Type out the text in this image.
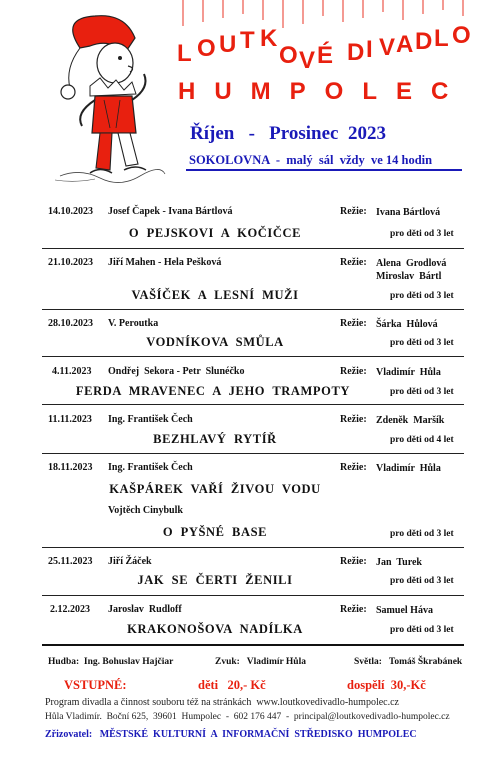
L O U T K
O V É D I V A D L O
HUMPOLEC
Říjen   -   Prosinec  2023
SOKOLOVNA  -  malý  sál  vždy  ve 14 hodin
14.10.2023 Josef Čapek - Ivana Bártlová	Režie: Ivana Bártlová
O  PEJSKOVI  A  KOČIČCE	pro děti od 3 let
21.10.2023 Jiří Mahen - Hela Pešková	Režie: Alena  Grodlová
Miroslav  Bártl
VAŠÍČEK  A  LESNÍ  MUŽI	pro děti od 3 let
28.10.2023 V. Peroutka	Režie: Šárka  Hůlová
VODNÍKOVA  SMŮLA	pro děti od 3 let
4.11.2023 Ondřej  Sekora - Petr  Slunéčko	Režie: Vladimír  Hůla
FERDA  MRAVENEC  A  JEHO  TRAMPOTY	pro děti od 3 let
11.11.2023 Ing. František Čech	Režie: Zdeněk  Maršík
BEZHLAVÝ  RYTÍŘ	pro děti od 4 let
18.11.2023 Ing. František Čech	Režie: Vladimír  Hůla
KAŠPÁREK  VAŘÍ  ŽIVOU  VODU
Vojtěch Cinybulk
O  PYŠNÉ  BASE	pro děti od 3 let
25.11.2023 Jiří Žáček	Režie: Jan  Turek
JAK  SE  ČERTI  ŽENILI	pro děti od 3 let
2.12.2023 Jaroslav  Rudloff	Režie: Samuel Háva
KRAKONOŠOVA  NADÍLKA	pro děti od 3 let
Hudba:  Ing. Bohuslav Hajčiar	Zvuk:   Vladimír Hůla	Světla:   Tomáš Škrabánek
VSTUPNÉ:	děti   20,- Kč	dospělí  30,-Kč
Program divadla a činnost souboru též na stránkách  www.loutkovedivadlo-humpolec.cz
Hůla Vladimír.  Boční 625,  39601  Humpolec  -  602 176 447  -  principal@loutkovedivadlo-humpolec.cz
Zřizovatel:   MĚSTSKÉ  KULTURNÍ  A  INFORMAČNÍ  STŘEDISKO  HUMPOLEC
